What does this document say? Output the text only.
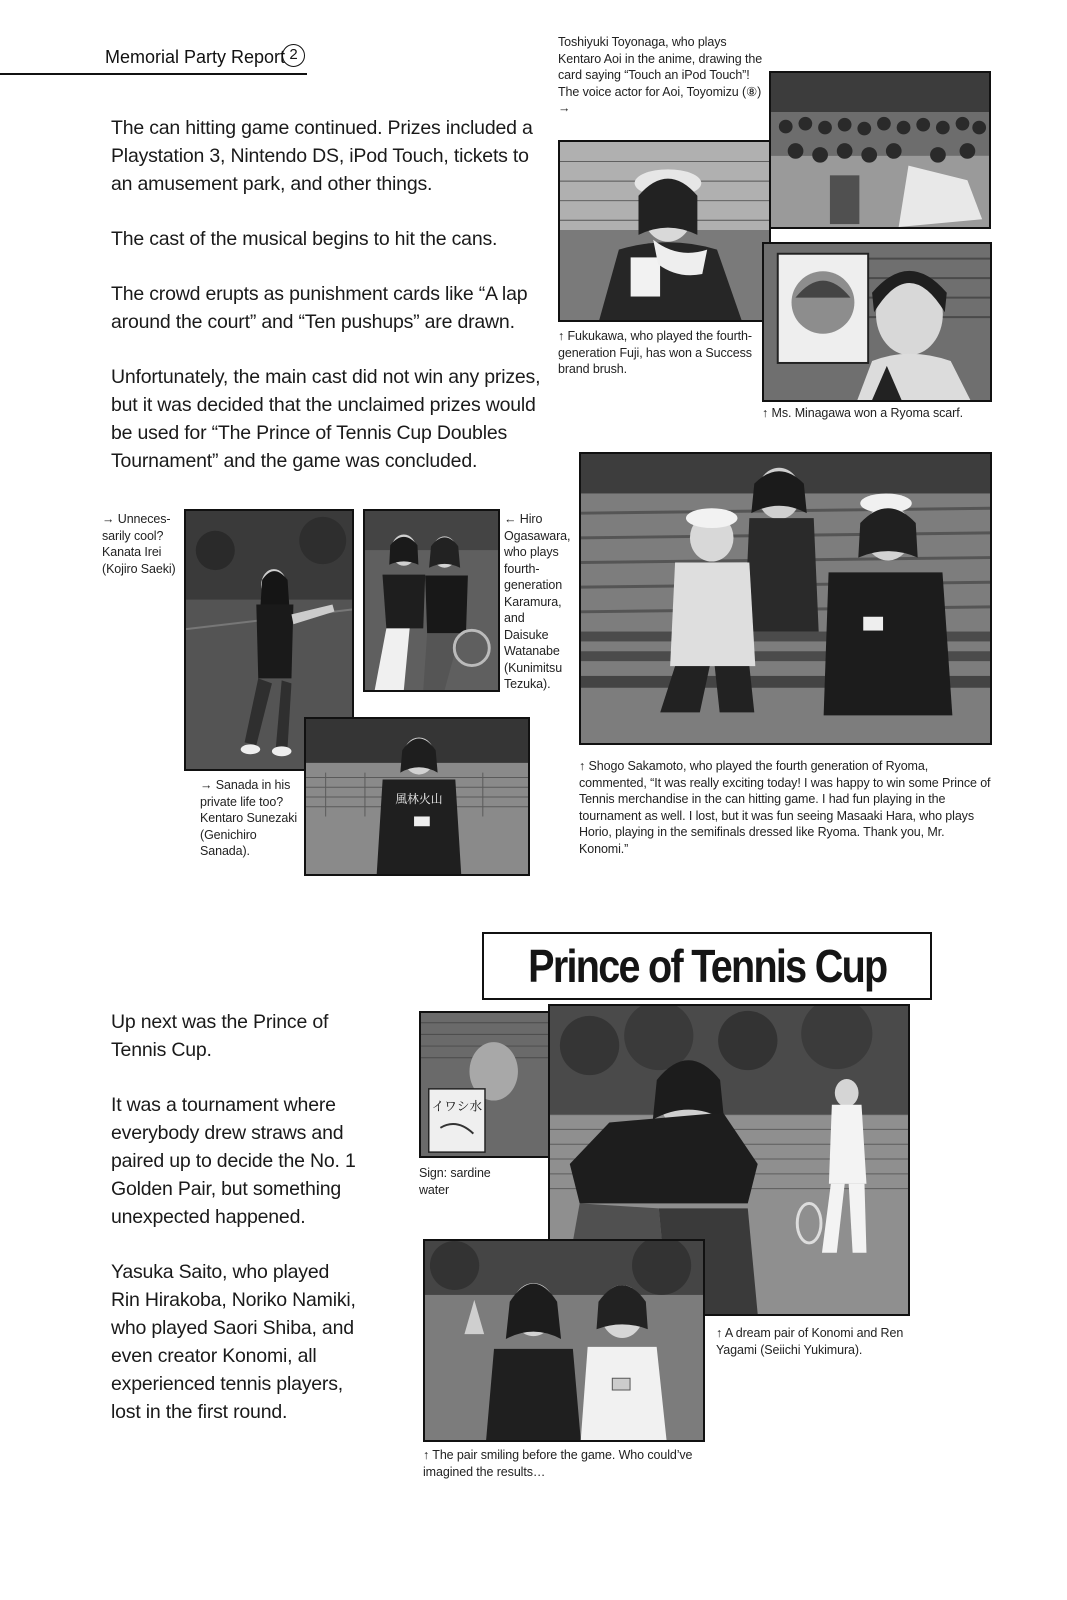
Memorial Party Report 2

The can hitting game continued. Prizes included a Playstation 3, Nintendo DS, iPod Touch, tickets to an amusement park, and other things.

The cast of the musical begins to hit the cans.

The crowd erupts as punishment cards like “A lap around the court” and “Ten pushups” are drawn.

Unfortunately, the main cast did not win any prizes, but it was decided that the unclaimed prizes would be used for “The Prince of Tennis Cup Doubles Tournament” and the game was concluded.

Toshiyuki Toyonaga, who plays Kentaro Aoi in the anime, drawing the card saying “Touch an iPod Touch”! The voice actor for Aoi, Toyomizu (⑧) →
↑ Fukukawa, who played the fourth-generation Fuji, has won a Success brand brush.
↑ Ms. Minagawa won a Ryoma scarf.
→ Unneces-sarily cool? Kanata Irei (Kojiro Saeki)
← Hiro Ogasawara, who plays fourth-generation Karamura, and Daisuke Watanabe (Kunimitsu Tezuka).
風林火山
→ Sanada in his private life too? Kentaro Sunezaki (Genichiro Sanada).
↑ Shogo Sakamoto, who played the fourth generation of Ryoma, commented, “It was really exciting today! I was happy to win some Prince of Tennis merchandise in the can hitting game. I had fun playing in the tournament as well. I lost, but it was fun seeing Masaaki Hara, who plays Horio, playing in the semifinals dressed like Ryoma. Thank you, Mr. Konomi.”
Prince of Tennis Cup

Up next was the Prince of Tennis Cup.

It was a tournament where everybody drew straws and paired up to decide the No. 1 Golden Pair, but something unexpected happened.

Yasuka Saito, who played Rin Hirakoba, Noriko Namiki, who played Saori Shiba, and even creator Konomi, all experienced tennis players, lost in the first round.

イワシ水
Sign: sardine water
↑ A dream pair of Konomi and Ren Yagami (Seiichi Yukimura).
↑ The pair smiling before the game. Who could’ve imagined the results…
